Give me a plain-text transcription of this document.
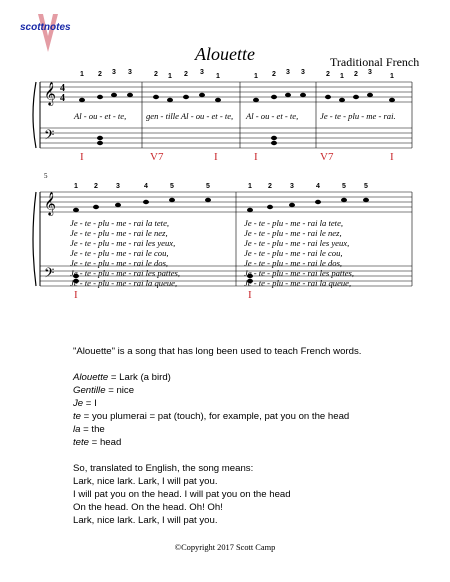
scottnotes
Alouette	Traditional French
𝄞
𝄢
4
4
1 2 3 3	2 1 2 3
1	1 2 3 3	2 1 2 3
1
Al - ou - et - te, gen - tille Al - ou - et - te, Al - ou - et - te,	Je - te - plu - me - rai.
I	V7	I	I	V7	I
5
𝄞
𝄢
1 2	3	4	5	5	1 2	3	4	5	5
Je - te - plu - me - rai la tete,	Je - te - plu - me - rai la tete,
Je - te - plu - me - rai le nez,	Je - te - plu - me - rai le nez,
Je - te - plu - me - rai les yeux,	Je - te - plu - me - rai les yeux,
Je - te - plu - me - rai le cou,	Je - te - plu - me - rai le cou,
Je - te - plu - me - rai le dos,	Je - te - plu - me - rai le dos,
Je - te - plu - me - rai les pattes,	Je - te - plu - me - rai les pattes,
Je - te - plu - me - rai la queue,	Je - te - plu - me - rai la queue,
I	I

"Alouette" is a song that has long been used to teach French words.

Alouette = Lark (a bird)

Gentille = nice

Je = I

te = you plumerai = pat (touch), for example, pat you on the head

la = the

tete = head

So, translated to English, the song means:

Lark, nice lark. Lark, I will pat you.

I will pat you on the head. I will pat you on the head

On the head. On the head. Oh! Oh!

Lark, nice lark. Lark, I will pat you.

©Copyright 2017 Scott Camp
